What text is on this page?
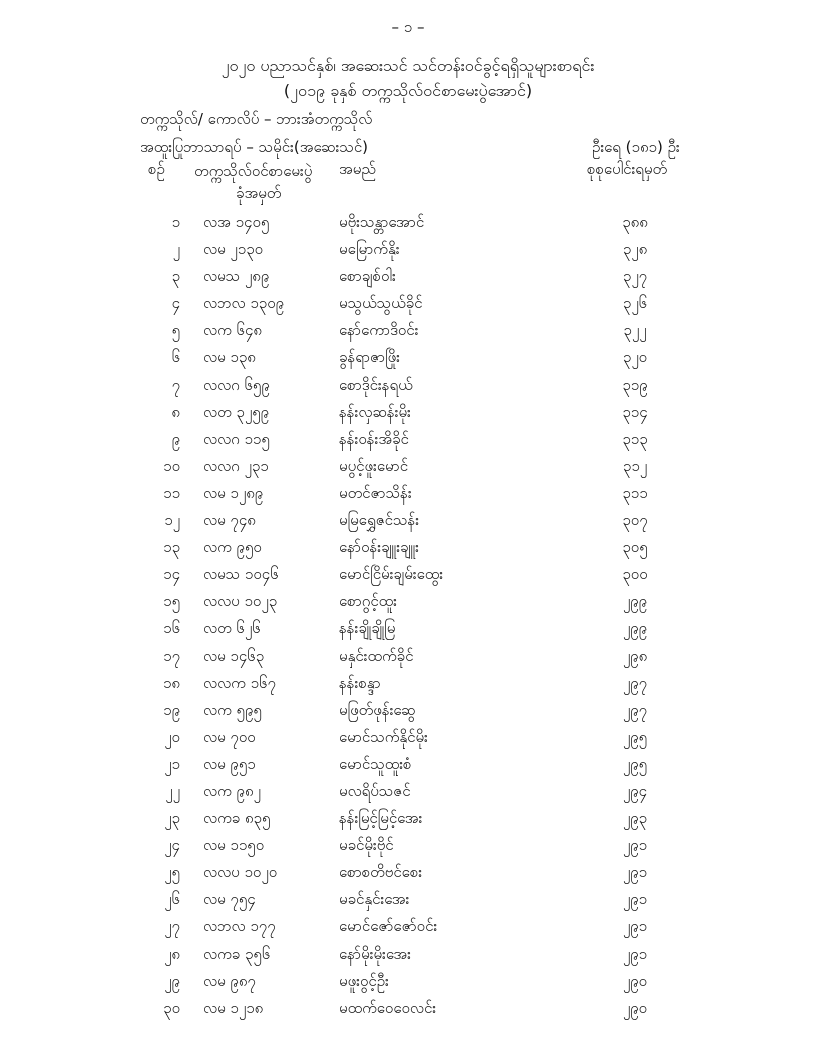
– ၁ –
၂၀၂၀ ပညာသင်နှစ်၊ အဆေးသင် သင်တန်းဝင်ခွင့်ရရှိသူများစာရင်း
(၂၀၁၉ ခုနှစ် တက္ကသိုလ်ဝင်စာမေးပွဲအောင်)
တက္ကသိုလ်/ ကောလိပ် – ဘားအံတက္ကသိုလ်
အထူးပြုဘာသာရပ် – သမိုင်း(အဆေးသင်)	ဦးရေ (၁၈၁) ဦး
စဉ် တက္ကသိုလ်ဝင်စာမေးပွဲ
ခုံအမှတ်
အမည်	စုစုပေါင်းရမှတ်
၁ လအ ၁၄၀၅	မဗိုးသန္တာအောင်	၃၈၈
၂ လမ ၂၁၃၀	မမြောက်နိုး	၃၂၈
၃ လမသ ၂၈၉	စောချစ်ဝါး	၃၂၇
၄ လဘလ ၁၃၀၉	မသွယ်သွယ်ခိုင်	၃၂၆
၅ လက ၆၄၈	နော်ကောဒိဝင်း	၃၂၂
၆ လမ ၁၃၈	ခွန်ရာဇာဖြိုး	၃၂၀
၇ လလဂ ၆၅၉	စောဒိုင်းနရယ်	၃၁၉
၈ လတ ၃၂၅၉	နန်းလှဆန်းမိုး	၃၁၄
၉ လလဂ ၁၁၅	နန်းဝန်းအိခိုင်	၃၁၃
၁၀ လလဂ ၂၃၁	မပွင့်ဖူးမောင်	၃၁၂
၁၁ လမ ၁၂၈၉	မတင်ဇာသိန်း	၃၁၁
၁၂ လမ ၇၄၈	မမြရွှေဇင်သန်း	၃၀၇
၁၃ လက ၉၅၀	နော်ဝန်းချူးချူး	၃၀၅
၁၄ လမသ ၁၀၄၆	မောင်ငြိမ်းချမ်းထွေး	၃၀၀
၁၅ လလပ ၁၀၂၃	စောဂွင့်ထူး	၂၉၉
၁၆ လတ ၆၂၆	နန်းချိုချိုမြ	၂၉၉
၁၇ လမ ၁၄၆၃	မနှင်းထက်ခိုင်	၂၉၈
၁၈ လလက ၁၆၇	နန်းစန္ဒာ	၂၉၇
၁၉ လက ၅၉၅	မဖြတ်ဖုန်းဆွေ	၂၉၇
၂၀ လမ ၇၀၀	မောင်သက်နိုင်မိုး	၂၉၅
၂၁ လမ ၉၅၁	မောင်သူထူးစံ	၂၉၅
၂၂ လက ၉၈၂	မလရိပ်သဇင်	၂၉၄
၂၃ လကခ ၈၃၅	နန်းမြင့်မြင့်အေး	၂၉၃
၂၄ လမ ၁၁၅၀	မခင်မိုးဗိုင်	၂၉၁
၂၅ လလပ ၁၀၂၀	စောစတိဗင်စေး	၂၉၁
၂၆ လမ ၇၅၄	မခင်နှင်းအေး	၂၉၁
၂၇ လဘလ ၁၇၇	မောင်ဇော်ဇော်ဝင်း	၂၉၁
၂၈ လကခ ၃၅၆	နော်မိုးမိုးအေး	၂၉၁
၂၉ လမ ၉၈၇	မဖူးဝွင့်ဦး	၂၉၀
၃၀ လမ ၁၂၁၈	မထက်ဝေဝေလင်း	၂၉၀
